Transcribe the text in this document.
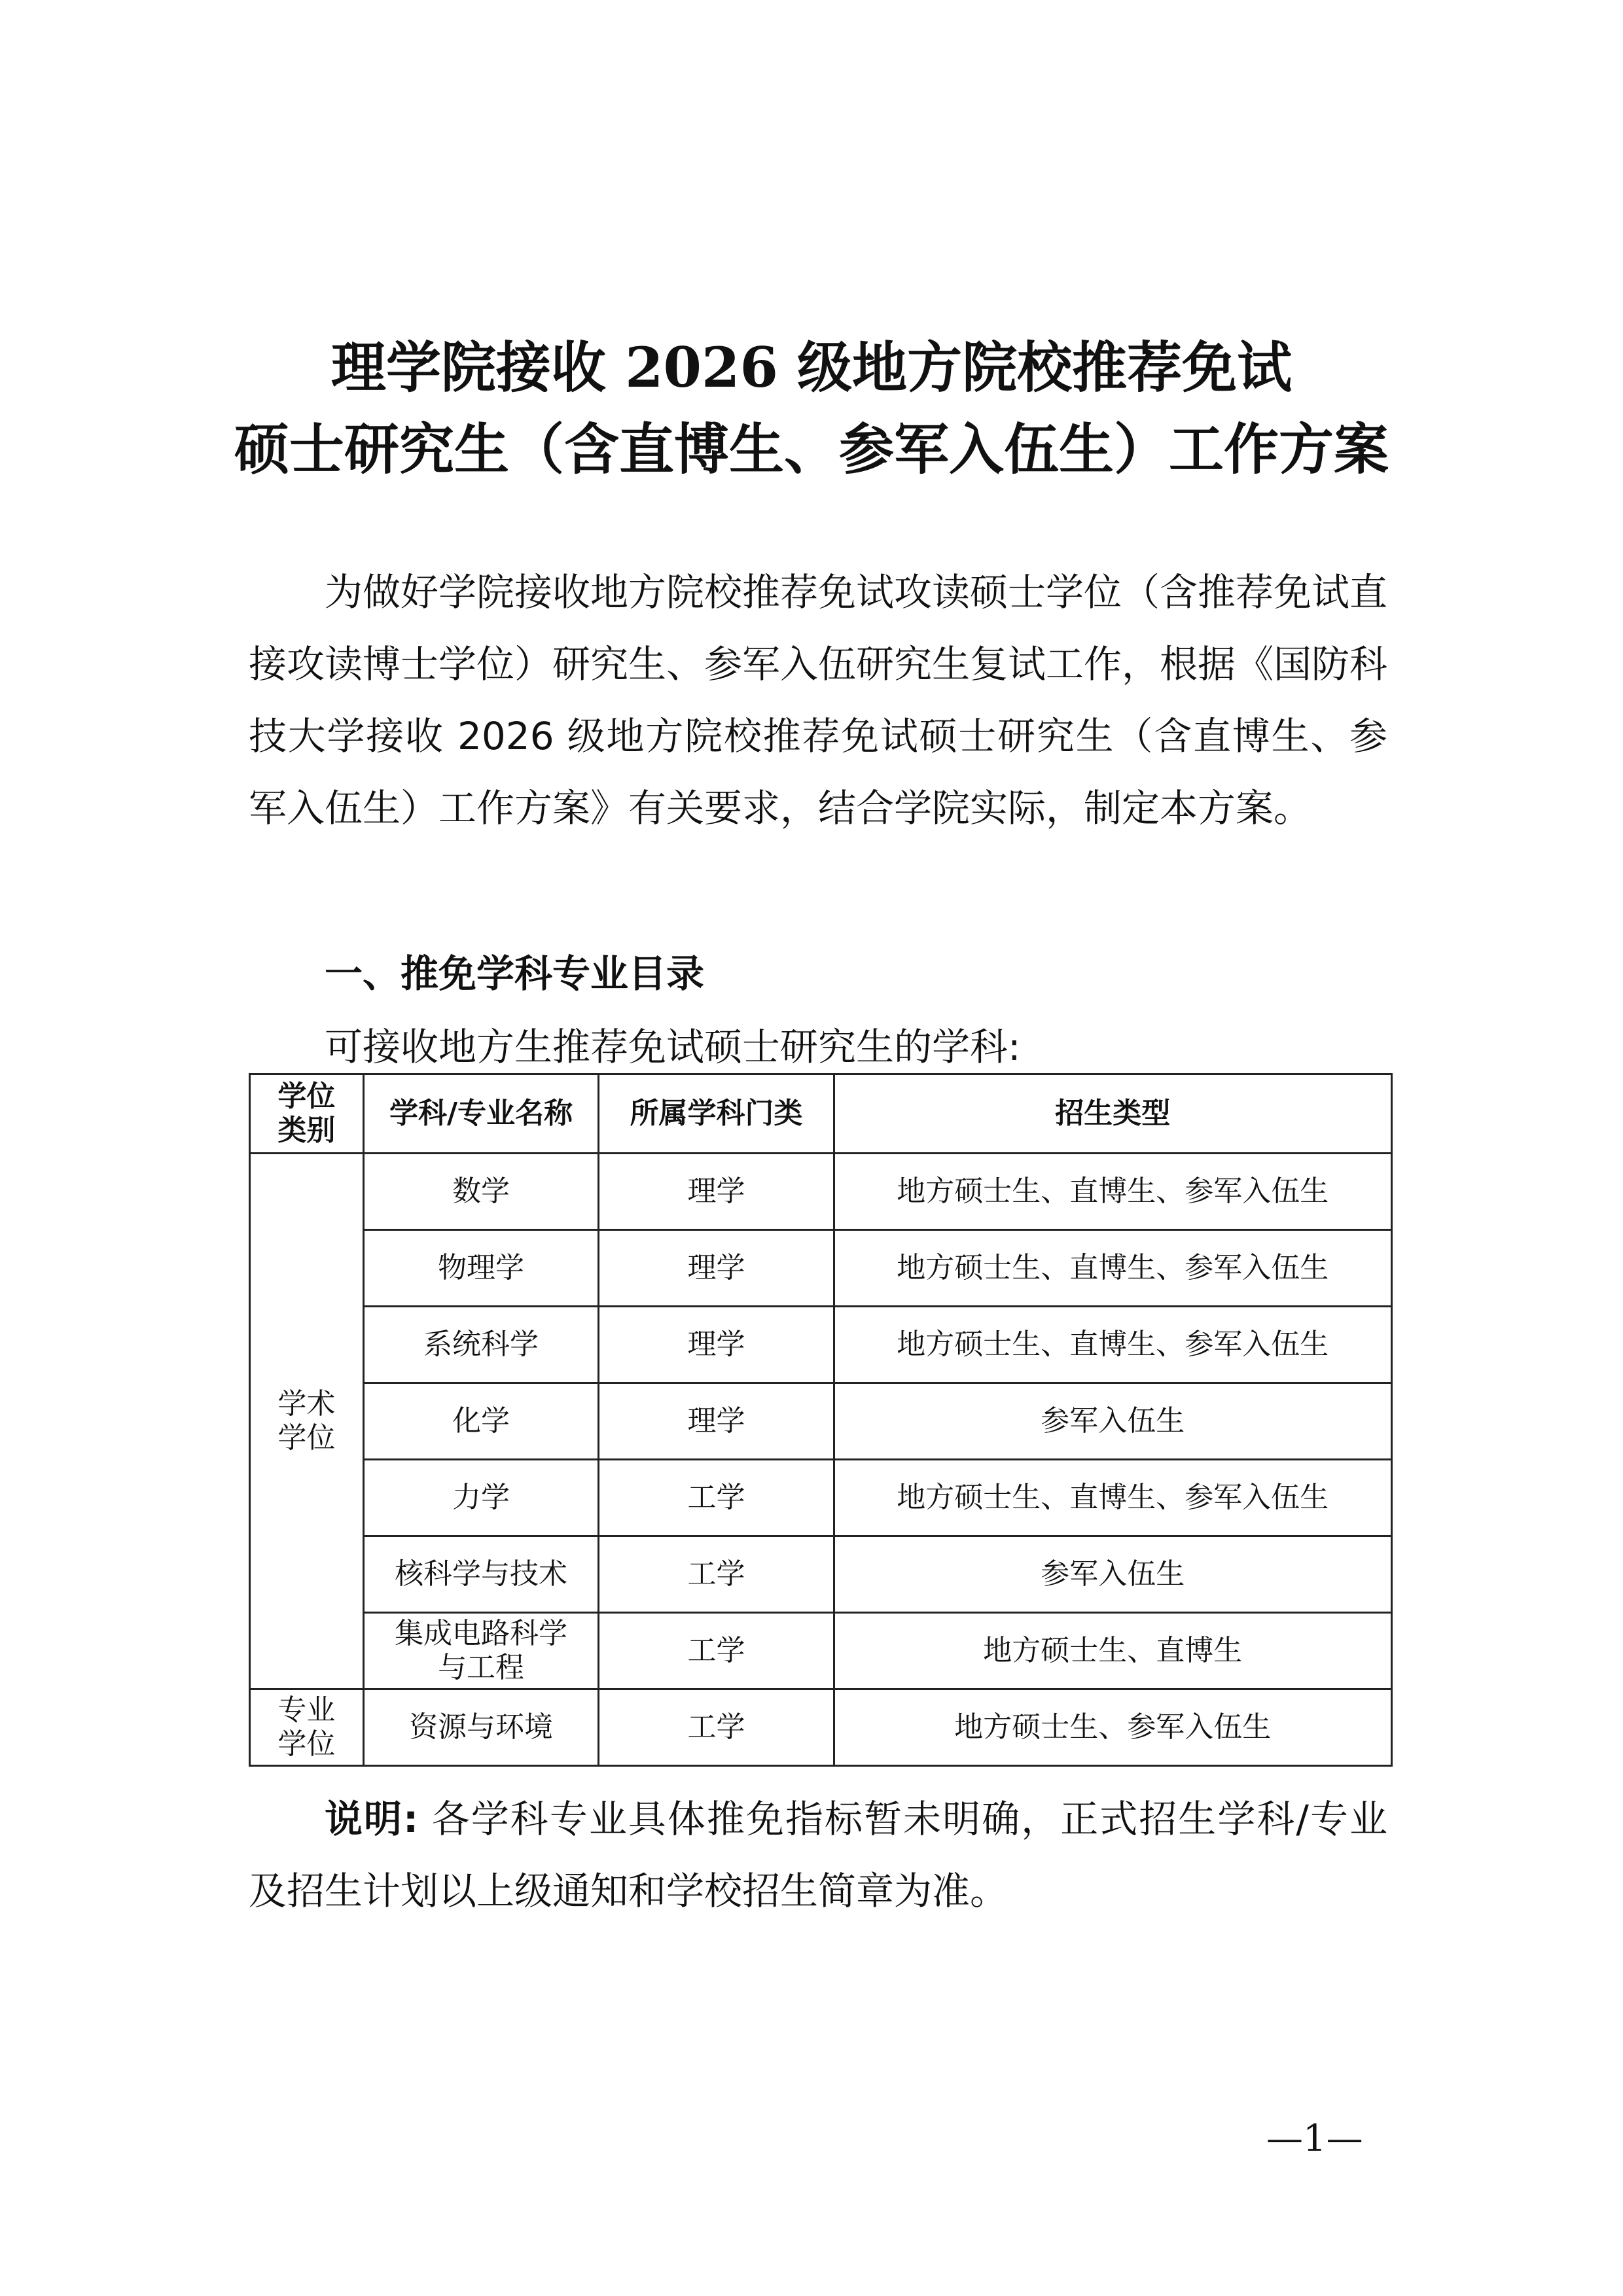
理学院接收 2026 级地方院校推荐免试
硕士研究生（含直博生、参军入伍生）工作方案
为做好学院接收地方院校推荐免试攻读硕士学位（含推荐免试直接攻读博士学位）研究生、参军入伍研究生复试工作，根据《国防科技大学接收 2026 级地方院校推荐免试硕士研究生（含直博生、参军入伍生）工作方案》有关要求，结合学院实际，制定本方案。
一、推免学科专业目录
可接收地方生推荐免试硕士研究生的学科:
学位类别	学科/专业名称	所属学科门类	招生类型
学术学位	数学	理学	地方硕士生、直博生、参军入伍生
	物理学	理学	地方硕士生、直博生、参军入伍生
	系统科学	理学	地方硕士生、直博生、参军入伍生
	化学	理学	参军入伍生
	力学	工学	地方硕士生、直博生、参军入伍生
	核科学与技术	工学	参军入伍生
	集成电路科学与工程	工学	地方硕士生、直博生
专业学位	资源与环境	工学	地方硕士生、参军入伍生
说明: 各学科专业具体推免指标暂未明确，正式招生学科/专业及招生计划以上级通知和学校招生简章为准。
—1—
